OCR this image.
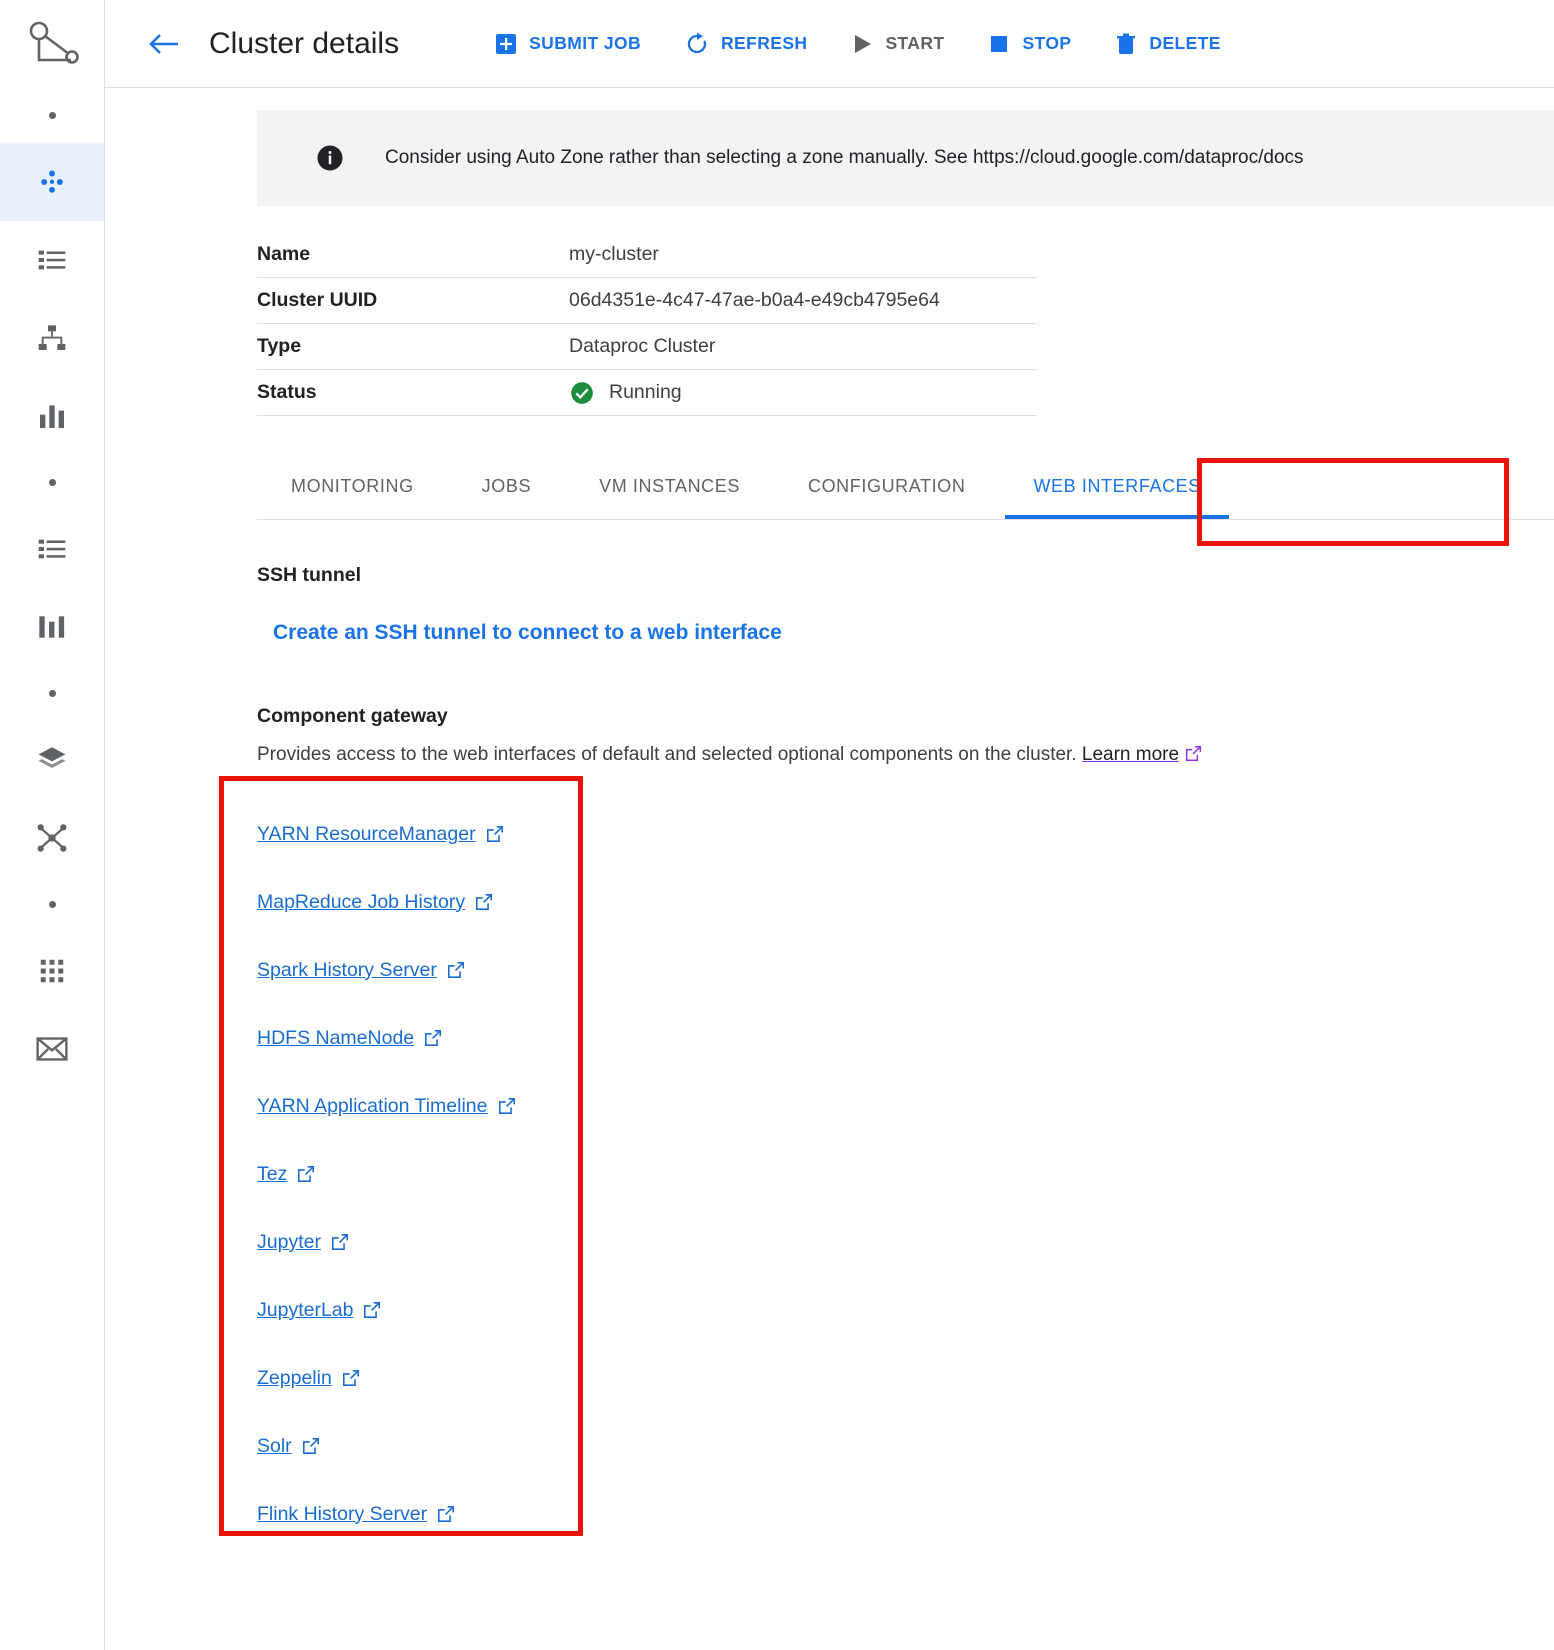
Cluster details	SUBMIT JOB	REFRESH	START	STOP	DELETE
Consider using Auto Zone rather than selecting a zone manually. See https://cloud.google.com/dataproc/docs
Name	my-cluster
Cluster UUID	06d4351e-4c47-47ae-b0a4-e49cb4795e64
Type	Dataproc Cluster
Status	Running
MONITORING	JOBS	VM INSTANCES	CONFIGURATION	WEB INTERFACES
SSH tunnel
Create an SSH tunnel to connect to a web interface
Component gateway
Provides access to the web interfaces of default and selected optional components on the cluster. Learn more
YARN ResourceManager
MapReduce Job History
Spark History Server
HDFS NameNode
YARN Application Timeline
Tez
Jupyter
JupyterLab
Zeppelin
Solr
Flink History Server
